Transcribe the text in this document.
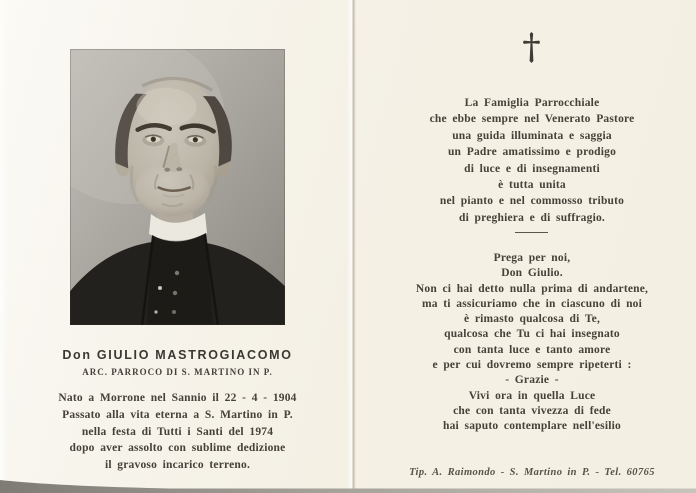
Don GIULIO MASTROGIACOMO
ARC. PARROCO DI S. MARTINO IN P.
Nato a Morrone nel Sannio il 22 - 4 - 1904
Passato alla vita eterna a S. Martino in P.
nella festa di Tutti i Santi del 1974
dopo aver assolto con sublime dedizione
il gravoso incarico terreno.
La Famiglia Parrocchiale
che ebbe sempre nel Venerato Pastore
una guida illuminata e saggia
un Padre amatissimo e prodigo
di luce e di insegnamenti
è tutta unita
nel pianto e nel commosso tributo
di preghiera e di suffragio.
Prega per noi,
Don Giulio.
Non ci hai detto nulla prima di andartene,
ma ti assicuriamo che in ciascuno di noi
è rimasto qualcosa di Te,
qualcosa che Tu ci hai insegnato
con tanta luce e tanto amore
e per cui dovremo sempre ripeterti :
- Grazie -
Vivi ora in quella Luce
che con tanta vivezza di fede
hai saputo contemplare nell'esilio
Tip. A. Raimondo - S. Martino in P. - Tel. 60765
